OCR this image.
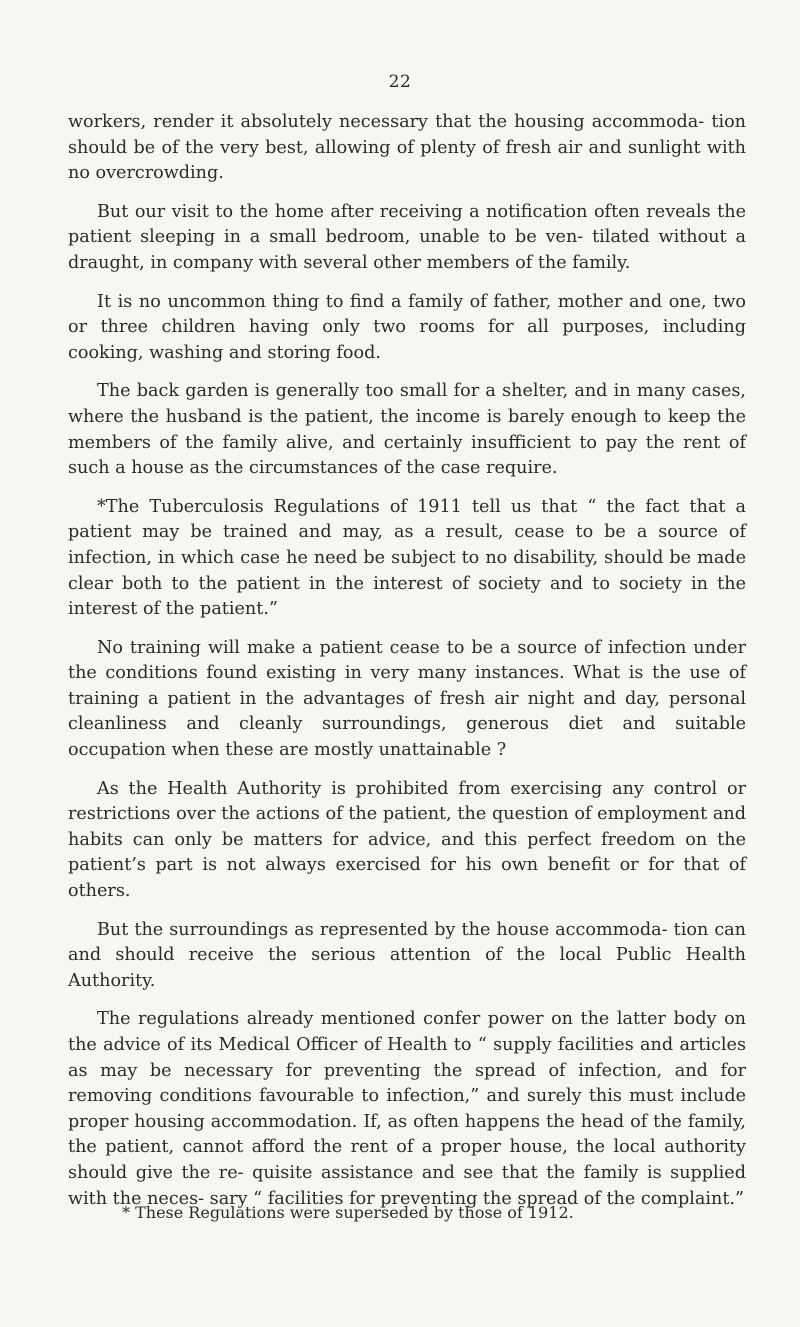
22

workers, render it absolutely necessary that the housing accommoda- tion should be of the very best, allowing of plenty of fresh air and sunlight with no overcrowding.

But our visit to the home after receiving a notification often reveals the patient sleeping in a small bedroom, unable to be ven- tilated without a draught, in company with several other members of the family.

It is no uncommon thing to find a family of father, mother and one, two or three children having only two rooms for all purposes, including cooking, washing and storing food.

The back garden is generally too small for a shelter, and in many cases, where the husband is the patient, the income is barely enough to keep the members of the family alive, and certainly insufficient to pay the rent of such a house as the circumstances of the case require.

*The Tuberculosis Regulations of 1911 tell us that “ the fact that a patient may be trained and may, as a result, cease to be a source of infection, in which case he need be subject to no disability, should be made clear both to the patient in the interest of society and to society in the interest of the patient.”

No training will make a patient cease to be a source of infection under the conditions found existing in very many instances. What is the use of training a patient in the advantages of fresh air night and day, personal cleanliness and cleanly surroundings, generous diet and suitable occupation when these are mostly unattainable ?

As the Health Authority is prohibited from exercising any control or restrictions over the actions of the patient, the question of employment and habits can only be matters for advice, and this perfect freedom on the patient’s part is not always exercised for his own benefit or for that of others.

But the surroundings as represented by the house accommoda- tion can and should receive the serious attention of the local Public Health Authority.

The regulations already mentioned confer power on the latter body on the advice of its Medical Officer of Health to “ supply facilities and articles as may be necessary for preventing the spread of infection, and for removing conditions favourable to infection,” and surely this must include proper housing accommodation. If, as often happens the head of the family, the patient, cannot afford the rent of a proper house, the local authority should give the re- quisite assistance and see that the family is supplied with the neces- sary “ facilities for preventing the spread of the complaint.”

* These Regulations were superseded by those of 1912.
